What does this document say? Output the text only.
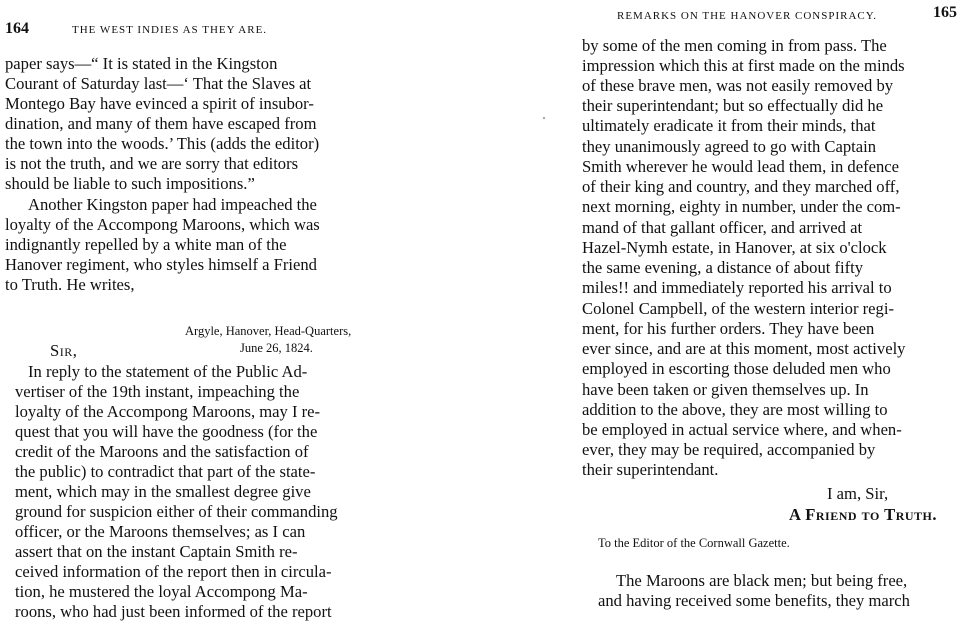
164	THE WEST INDIES AS THEY ARE.
paper says—“ It is stated in the Kingston
Courant of Saturday last—‘ That the Slaves at
Montego Bay have evinced a spirit of insubor-
dination, and many of them have escaped from
the town into the woods.’ This (adds the editor)
is not the truth, and we are sorry that editors
should be liable to such impositions.”
Another Kingston paper had impeached the
loyalty of the Accompong Maroons, which was
indignantly repelled by a white man of the
Hanover regiment, who styles himself a Friend
to Truth. He writes,
Argyle, Hanover, Head-Quarters,
June 26, 1824.
Sir,
In reply to the statement of the Public Ad-
vertiser of the 19th instant, impeaching the
loyalty of the Accompong Maroons, may I re-
quest that you will have the goodness (for the
credit of the Maroons and the satisfaction of
the public) to contradict that part of the state-
ment, which may in the smallest degree give
ground for suspicion either of their commanding
officer, or the Maroons themselves; as I can
assert that on the instant Captain Smith re-
ceived information of the report then in circula-
tion, he mustered the loyal Accompong Ma-
roons, who had just been informed of the report
REMARKS ON THE HANOVER CONSPIRACY.	165
by some of the men coming in from pass. The
impression which this at first made on the minds
of these brave men, was not easily removed by
their superintendant; but so effectually did he
ultimately eradicate it from their minds, that
they unanimously agreed to go with Captain
Smith wherever he would lead them, in defence
of their king and country, and they marched off,
next morning, eighty in number, under the com-
mand of that gallant officer, and arrived at
Hazel-Nymh estate, in Hanover, at six o'clock
the same evening, a distance of about fifty
miles!! and immediately reported his arrival to
Colonel Campbell, of the western interior regi-
ment, for his further orders. They have been
ever since, and are at this moment, most actively
employed in escorting those deluded men who
have been taken or given themselves up. In
addition to the above, they are most willing to
be employed in actual service where, and when-
ever, they may be required, accompanied by
their superintendant.
I am, Sir,
A Friend to Truth.
To the Editor of the Cornwall Gazette.
The Maroons are black men; but being free,
and having received some benefits, they march
